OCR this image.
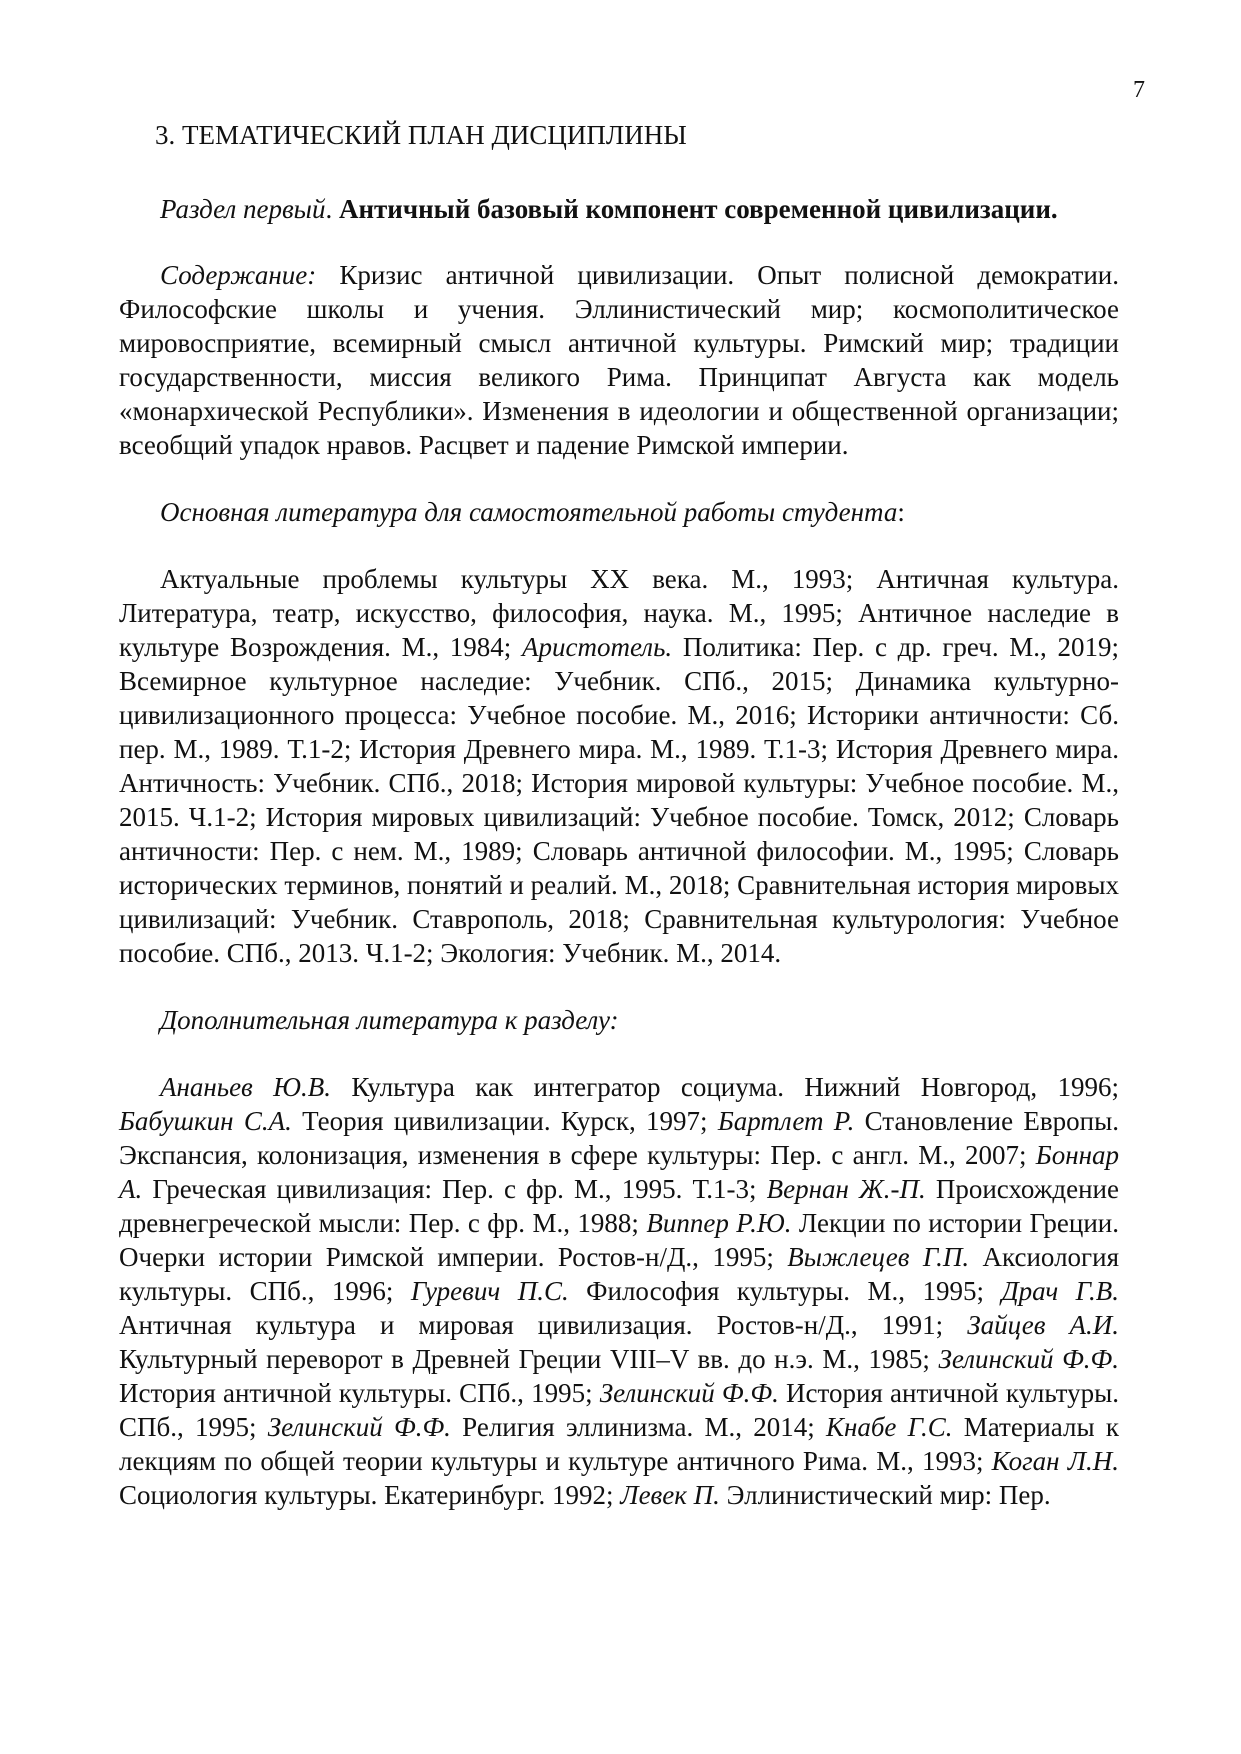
7
3. ТЕМАТИЧЕСКИЙ ПЛАН ДИСЦИПЛИНЫ

Раздел первый. Античный базовый компонент современной цивилизации.

Содержание: Кризис античной цивилизации. Опыт полисной демократии. Философские школы и учения. Эллинистический мир; космополитическое мировосприятие, всемирный смысл античной культуры. Римский мир; традиции государственности, миссия великого Рима. Принципат Августа как модель «монархической Республики». Изменения в идеологии и общественной организации; всеобщий упадок нравов. Расцвет и падение Римской империи.

Основная литература для самостоятельной работы студента:

Актуальные проблемы культуры XX века. М., 1993; Античная культура. Литература, театр, искусство, философия, наука. М., 1995; Античное наследие в культуре Возрождения. М., 1984; Аристотель. Политика: Пер. с др. греч. М., 2019; Всемирное культурное наследие: Учебник. СПб., 2015; Динамика культурно-цивилизационного процесса: Учебное пособие. М., 2016; Историки античности: Сб. пер. М., 1989. Т.1-2; История Древнего мира. М., 1989. Т.1-3; История Древнего мира. Античность: Учебник. СПб., 2018; История мировой культуры: Учебное пособие. М., 2015. Ч.1-2; История мировых цивилизаций: Учебное пособие. Томск, 2012; Словарь античности: Пер. с нем. М., 1989; Словарь античной философии. М., 1995; Словарь исторических терминов, понятий и реалий. М., 2018; Сравнительная история мировых цивилизаций: Учебник. Ставрополь, 2018; Сравнительная культурология: Учебное пособие. СПб., 2013. Ч.1-2; Экология: Учебник. М., 2014.

Дополнительная литература к разделу:

Ананьев Ю.В. Культура как интегратор социума. Нижний Новгород, 1996; Бабушкин С.А. Теория цивилизации. Курск, 1997; Бартлет Р. Становление Европы. Экспансия, колонизация, изменения в сфере культуры: Пер. с англ. М., 2007; Боннар А. Греческая цивилизация: Пер. с фр. М., 1995. Т.1-3; Вернан Ж.-П. Происхождение древнегреческой мысли: Пер. с фр. М., 1988; Виппер Р.Ю. Лекции по истории Греции. Очерки истории Римской империи. Ростов-н/Д., 1995; Выжлецев Г.П. Аксиология культуры. СПб., 1996; Гуревич П.С. Философия культуры. М., 1995; Драч Г.В. Античная культура и мировая цивилизация. Ростов-н/Д., 1991; Зайцев А.И. Культурный переворот в Древней Греции VIII–V вв. до н.э. М., 1985; Зелинский Ф.Ф. История античной культуры. СПб., 1995; Зелинский Ф.Ф. История античной культуры. СПб., 1995; Зелинский Ф.Ф. Религия эллинизма. М., 2014; Кнабе Г.С. Материалы к лекциям по общей теории культуры и культуре античного Рима. М., 1993; Коган Л.Н. Социология культуры. Екатеринбург. 1992; Левек П. Эллинистический мир: Пер.
